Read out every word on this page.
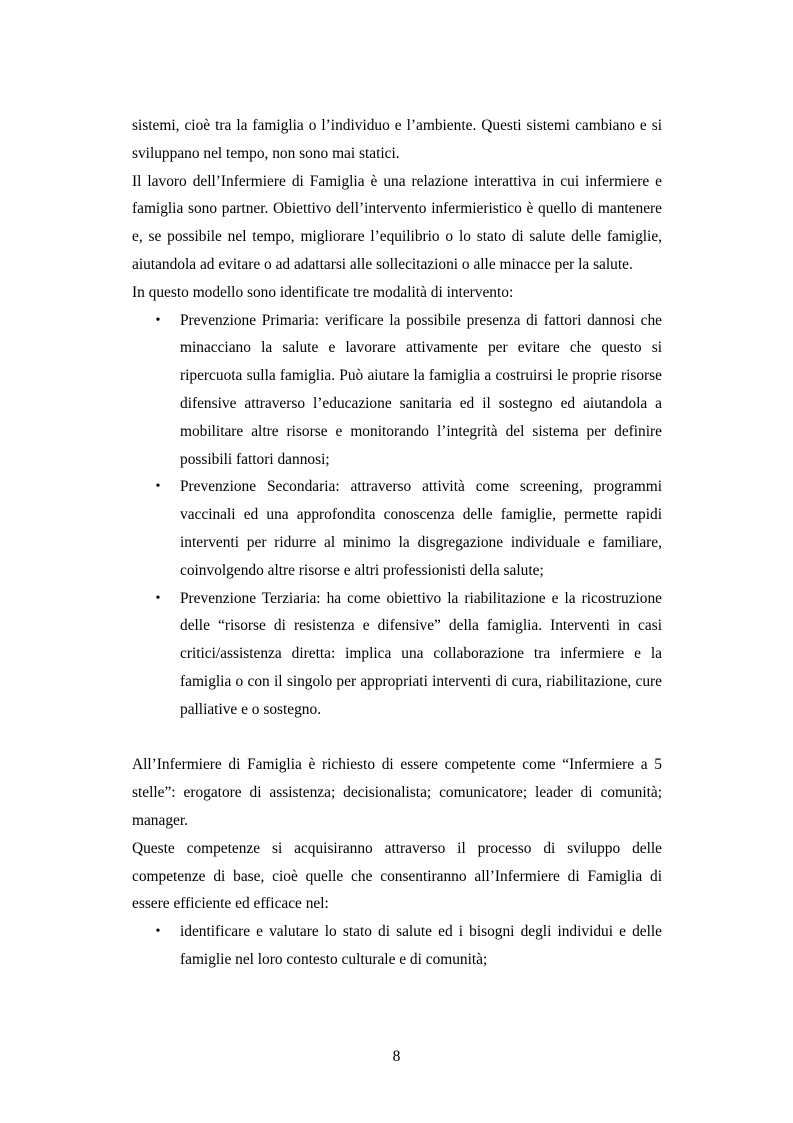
sistemi, cioè tra la famiglia o l’individuo e l’ambiente. Questi sistemi cambiano e si sviluppano nel tempo, non sono mai statici.

Il lavoro dell’Infermiere di Famiglia è una relazione interattiva in cui infermiere e famiglia sono partner. Obiettivo dell’intervento infermieristico è quello di mantenere e, se possibile nel tempo, migliorare l’equilibrio o lo stato di salute delle famiglie, aiutandola ad evitare o ad adattarsi alle sollecitazioni o alle minacce per la salute.

In questo modello sono identificate tre modalità di intervento:

• Prevenzione Primaria: verificare la possibile presenza di fattori dannosi che minacciano la salute e lavorare attivamente per evitare che questo si ripercuota sulla famiglia. Può aiutare la famiglia a costruirsi le proprie risorse difensive attraverso l’educazione sanitaria ed il sostegno ed aiutandola a mobilitare altre risorse e monitorando l’integrità del sistema per definire possibili fattori dannosi;
• Prevenzione Secondaria: attraverso attività come screening, programmi vaccinali ed una approfondita conoscenza delle famiglie, permette rapidi interventi per ridurre al minimo la disgregazione individuale e familiare, coinvolgendo altre risorse e altri professionisti della salute;
• Prevenzione Terziaria: ha come obiettivo la riabilitazione e la ricostruzione delle “risorse di resistenza e difensive” della famiglia. Interventi in casi critici/assistenza diretta: implica una collaborazione tra infermiere e la famiglia o con il singolo per appropriati interventi di cura, riabilitazione, cure palliative e o sostegno.

All’Infermiere di Famiglia è richiesto di essere competente come “Infermiere a 5 stelle”: erogatore di assistenza; decisionalista; comunicatore; leader di comunità; manager.

Queste competenze si acquisiranno attraverso il processo di sviluppo delle competenze di base, cioè quelle che consentiranno all’Infermiere di Famiglia di essere efficiente ed efficace nel:

• identificare e valutare lo stato di salute ed i bisogni degli individui e delle famiglie nel loro contesto culturale e di comunità;
8
